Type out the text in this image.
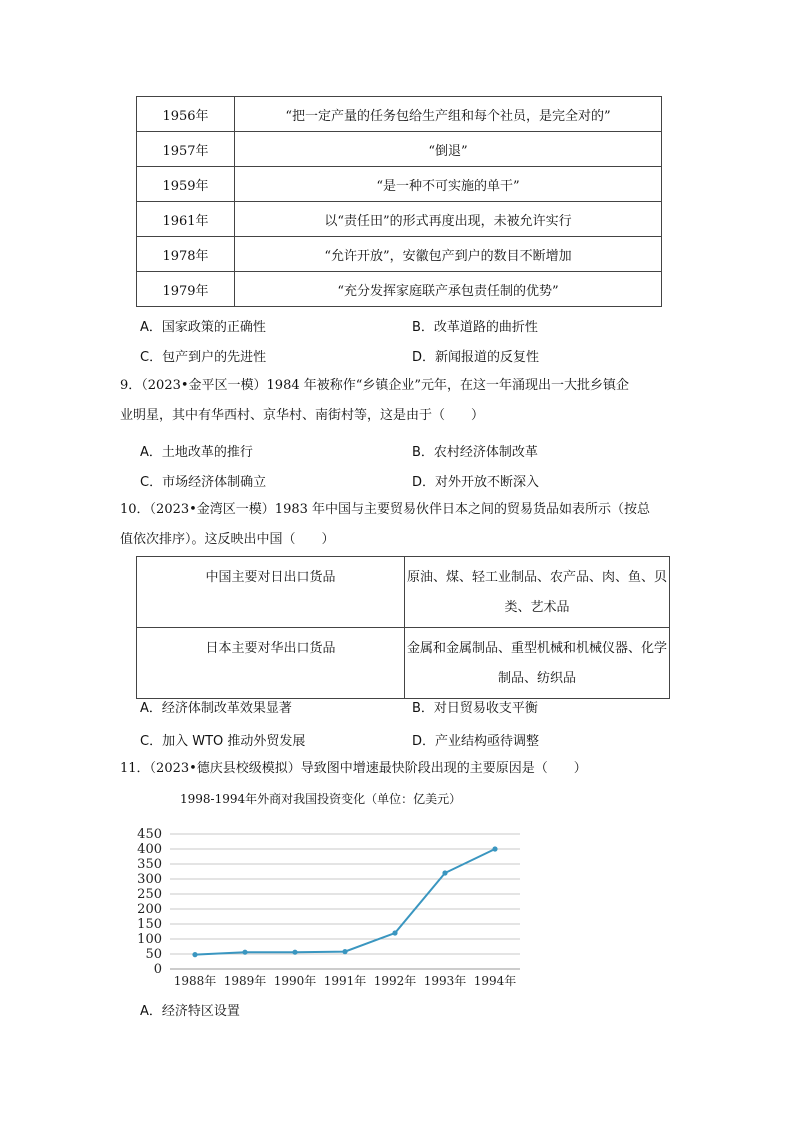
1956年	“把一定产量的任务包给生产组和每个社员，是完全对的”
1957年	“倒退”
1959年	“是一种不可实施的单干”
1961年	以“责任田”的形式再度出现，未被允许实行
1978年	“允许开放”，安徽包产到户的数目不断增加
1979年	“充分发挥家庭联产承包责任制的优势”
A．国家政策的正确性	B．改革道路的曲折性
C．包产到户的先进性	D．新闻报道的反复性
9．（2023•金平区一模）1984 年被称作“乡镇企业”元年，在这一年涌现出一大批乡镇企
业明星，其中有华西村、京华村、南街村等，这是由于（　　）
A．土地改革的推行	B．农村经济体制改革
C．市场经济体制确立	D．对外开放不断深入
10．（2023•金湾区一模）1983 年中国与主要贸易伙伴日本之间的贸易货品如表所示（按总
值依次排序）。这反映出中国（　　）
中国主要对日出口货品	原油、煤、轻工业制品、农产品、肉、鱼、贝类、艺术品
日本主要对华出口货品	金属和金属制品、重型机械和机械仪器、化学制品、纺织品
A．经济体制改革效果显著	B．对日贸易收支平衡
C．加入 WTO 推动外贸发展	D．产业结构亟待调整
11．（2023•德庆县校级模拟）导致图中增速最快阶段出现的主要原因是（　　）
1998-1994年外商对我国投资变化（单位：亿美元）
0
50
100
150
200
250
300
350
400
450
1988年 1989年 1990年 1991年 1992年 1993年 1994年
A．经济特区设置
